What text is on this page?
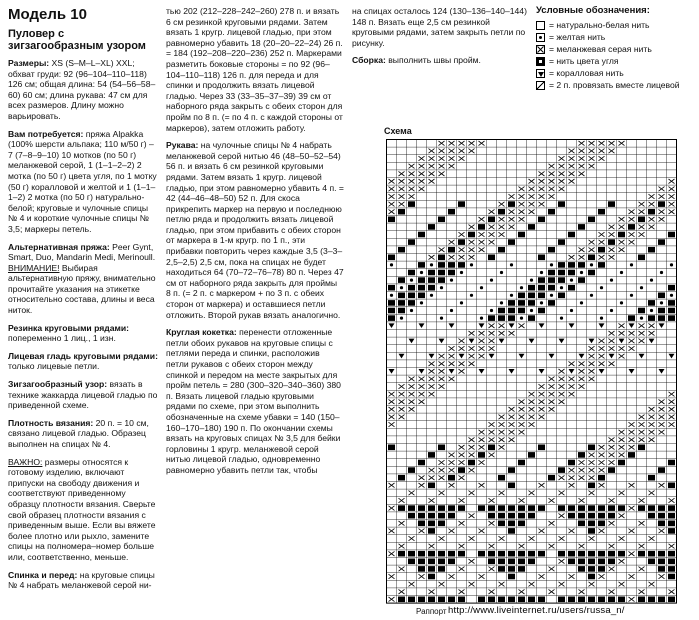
Модель 10
Пуловер с зигзагообразным узором

Размеры: XS (S–M–L–XL) XXL; обхват груди: 92 (96–104–110–118) 126 см; общая длина: 54 (54–56–58–60) 60 см; длина рукава: 47 см для всех размеров. Длину можно варьировать.

Вам потребуется: пряжа Alpakka (100% шерсти альпака; 110 м/50 г) – 7 (7–8–9–10) 10 мотков (по 50 г) меланжевой серой, 1 (1–1–2–2) 2 мотка (по 50 г) цвета угля, по 1 мотку (50 г) коралловой и желтой и 1 (1–1–1–2) 2 мотка (по 50 г) натурально-белой; круговые и чулочные спицы № 4 и короткие чулочные спицы № 3,5; маркеры петель.

Альтернативная пряжа: Peer Gynt, Smart, Duo, Mandarin Medi, Merinoull. ВНИМАНИЕ! Выбирая альтернативную пряжу, внимательно прочитайте указания на этикетке относительно состава, длины и веса ниток.

Резинка круговыми рядами: попеременно 1 лиц., 1 изн.

Лицевая гладь круговыми рядами:

только лицевые петли.

Зигзагообразный узор: вязать в технике жаккарда лицевой гладью по приведенной схеме.

Плотность вязания: 20 п. = 10 см, связано лицевой гладью. Образец выполнен на спицах № 4.

ВАЖНО: размеры относятся к готовому изделию, включают припуски на свободу движения и соответствуют приведенному образцу плотности вязания. Сверьте свой образец плотности вязания с приведенным выше. Если вы вяжете более плотно или рыхло, замените спицы на полномера–номер больше или, соответственно, меньше.

Спинка и перед: на круговые спицы № 4 набрать меланжевой серой ни-

тью 202 (212–228–242–260) 278 п. и вязать 6 см резинкой круговыми рядами. Затем вязать 1 кругр. лицевой гладью, при этом равномерно убавить 18 (20–20–22–24) 26 п. = 184 (192–208–220–236) 252 п. Маркерами разметить боковые стороны = по 92 (96–104–110–118) 126 п. для переда и для спинки и продолжить вязать лицевой гладью. Через 33 (33–35–37–39) 39 см от наборного ряда закрыть с обеих сторон для пройм по 8 п. (= по 4 п. с каждой стороны от маркеров), затем отложить работу.

Рукава: на чулочные спицы № 4 набрать меланжевой серой нитью 46 (48–50–52–54) 56 п. и вязать 6 см резинкой круговыми рядами. Затем вязать 1 кругр. лицевой гладью, при этом равномерно убавить 4 п. = 42 (44–46–48–50) 52 п. Для скоса прикрепить маркер на первую и последнюю петлю ряда и продолжить вязать лицевой гладью, при этом прибавить с обеих сторон от маркера в 1-м кругр. по 1 п., эти прибавки повторить через каждые 3,5 (3–3–2,5–2,5) 2,5 см, пока на спицах не будет находиться 64 (70–72–76–78) 80 п. Через 47 см от наборного ряда закрыть для проймы 8 п. (= 2 п. с маркером + по 3 п. с обеих сторон от маркера) и оставшиеся петли отложить. Второй рукав вязать аналогично.

Круглая кокетка: перенести отложенные петли обоих рукавов на круговые спицы с петлями переда и спинки, расположив петли рукавов с обеих сторон между спинкой и передом на месте закрытых для пройм петель = 280 (300–320–340–360) 380 п. Вязать лицевой гладью круговыми рядами по схеме, при этом выполнить обозначенные на схеме убавки = 140 (150–160–170–180) 190 п. По окончании схемы вязать на круговых спицах № 3,5 для бейки горловины 1 кругр. меланжевой серой нитью лицевой гладью, одновременно равномерно убавить петли так, чтобы

на спицах осталось 124 (130–136–140–144) 148 п. Вязать еще 2,5 см резинкой круговыми рядами, затем закрыть петли по рисунку.

Сборка: выполнить швы пройм.

Условные обозначения:
= натурально-белая нить
= желтая нить
= меланжевая серая нить
= нить цвета угля
= коралловая нить
= 2 п. провязать вместе лицевой
Схема
Раппорт http://www.liveinternet.ru/users/russa_n/
